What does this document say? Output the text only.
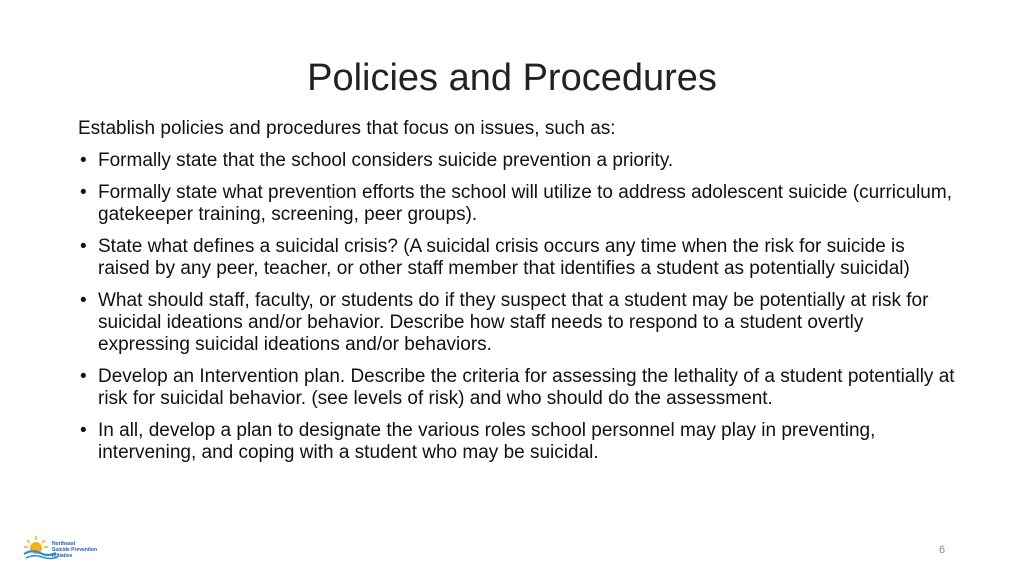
Policies and Procedures

Establish policies and procedures that focus on issues, such as:

• Formally state that the school considers suicide prevention a priority.
• Formally state what prevention efforts the school will utilize to address adolescent suicide (curriculum, gatekeeper training, screening, peer groups).
• State what defines a suicidal crisis? (A suicidal crisis occurs any time when the risk for suicide is raised by any peer, teacher, or other staff member that identifies a student as potentially suicidal)
• What should staff, faculty, or students do if they suspect that a student may be potentially at risk for suicidal ideations and/or behavior. Describe how staff needs to respond to a student overtly expressing suicidal ideations and/or behaviors.
• Develop an Intervention plan. Describe the criteria for assessing the lethality of a student potentially at risk for suicidal behavior. (see levels of risk) and who should do the assessment.
• In all, develop a plan to designate the various roles school personnel may play in preventing, intervening, and coping with a student who may be suicidal.
Northeast
Suicide Prevention
Initiative	6
